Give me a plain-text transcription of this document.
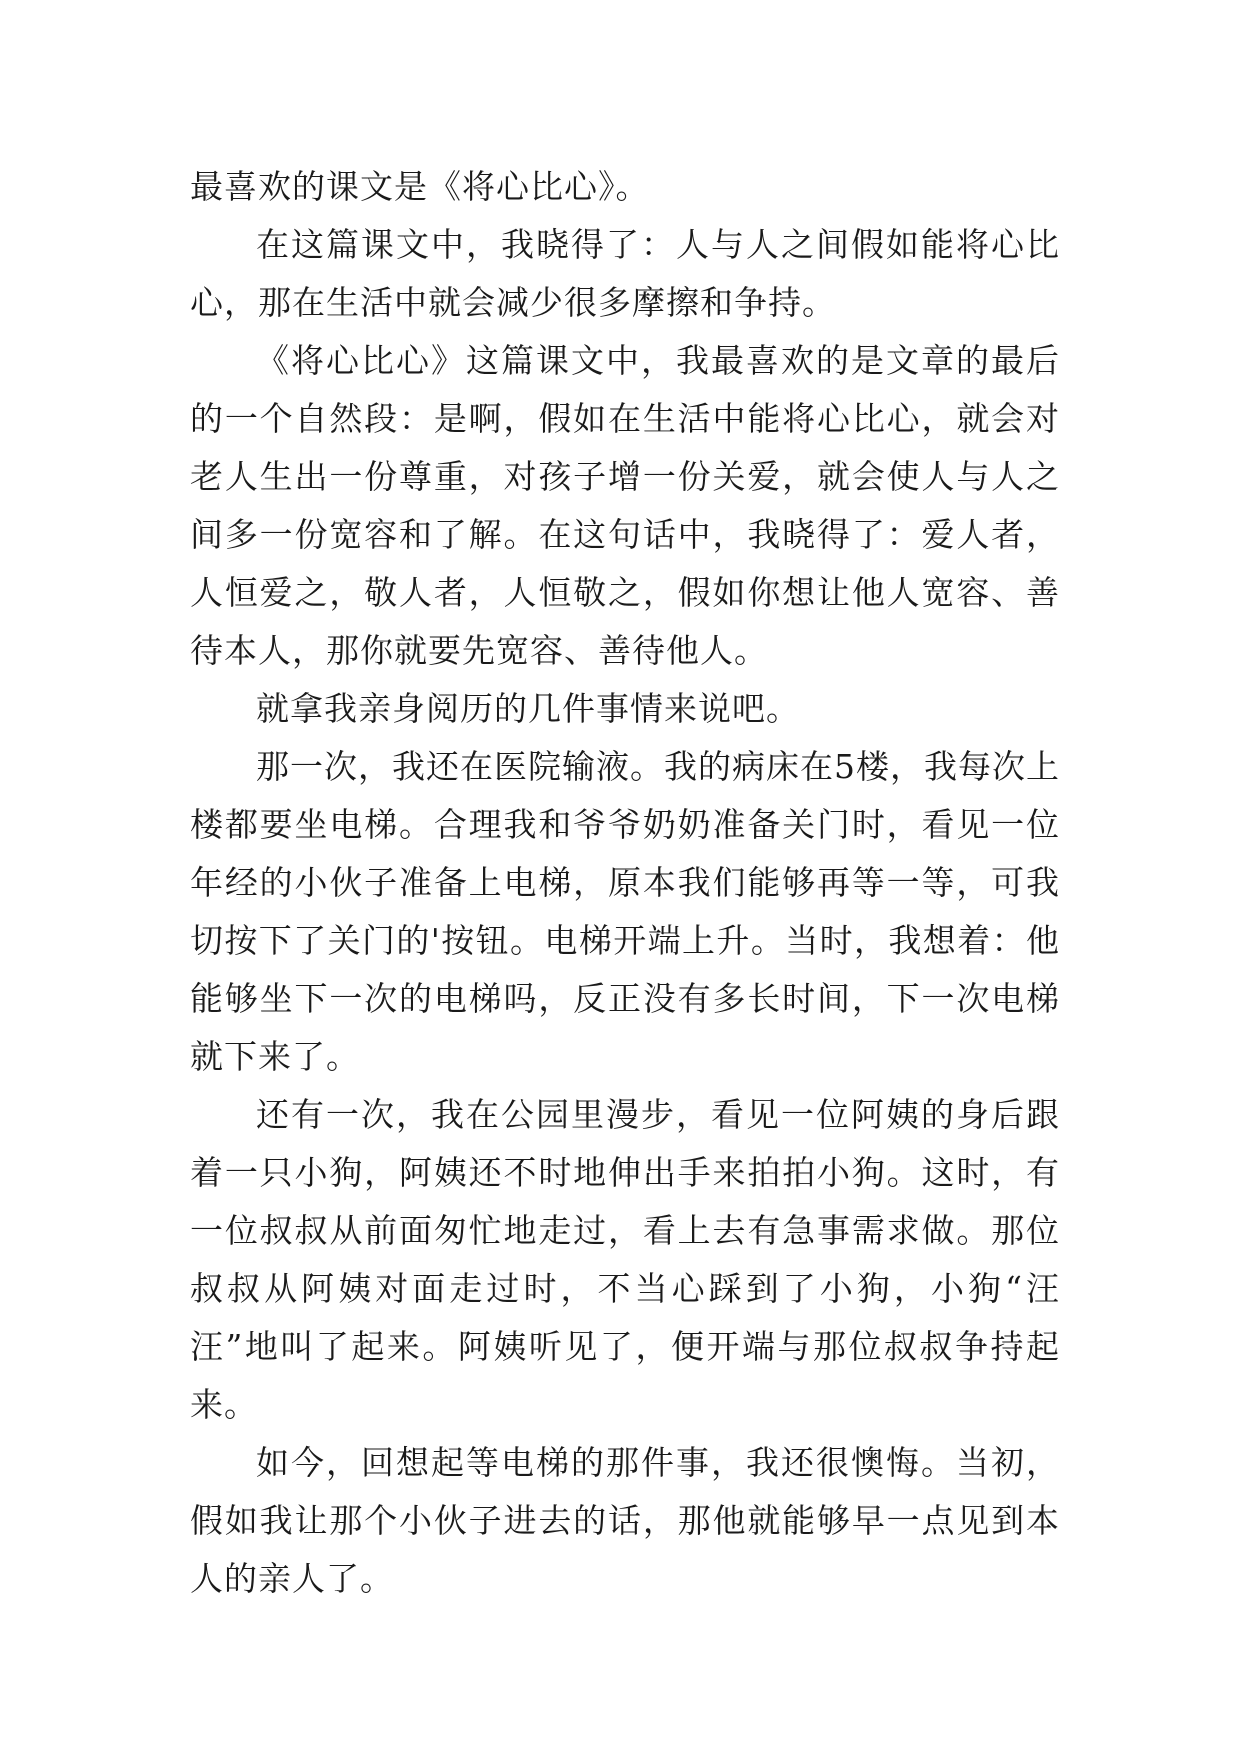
最喜欢的课文是《将心比心》。

在这篇课文中，我晓得了：人与人之间假如能将心比心，那在生活中就会减少很多摩擦和争持。

《将心比心》这篇课文中，我最喜欢的是文章的最后的一个自然段：是啊，假如在生活中能将心比心，就会对老人生出一份尊重，对孩子增一份关爱，就会使人与人之间多一份宽容和了解。在这句话中，我晓得了：爱人者，人恒爱之，敬人者，人恒敬之，假如你想让他人宽容、善待本人，那你就要先宽容、善待他人。

就拿我亲身阅历的几件事情来说吧。

那一次，我还在医院输液。我的病床在5楼，我每次上楼都要坐电梯。合理我和爷爷奶奶准备关门时，看见一位年经的小伙子准备上电梯，原本我们能够再等一等，可我切按下了关门的'按钮。电梯开端上升。当时，我想着：他能够坐下一次的电梯吗，反正没有多长时间，下一次电梯就下来了。

还有一次，我在公园里漫步，看见一位阿姨的身后跟着一只小狗，阿姨还不时地伸出手来拍拍小狗。这时，有一位叔叔从前面匆忙地走过，看上去有急事需求做。那位叔叔从阿姨对面走过时，不当心踩到了小狗，小狗“汪汪”地叫了起来。阿姨听见了，便开端与那位叔叔争持起来。

如今，回想起等电梯的那件事，我还很懊悔。当初，假如我让那个小伙子进去的话，那他就能够早一点见到本人的亲人了。
